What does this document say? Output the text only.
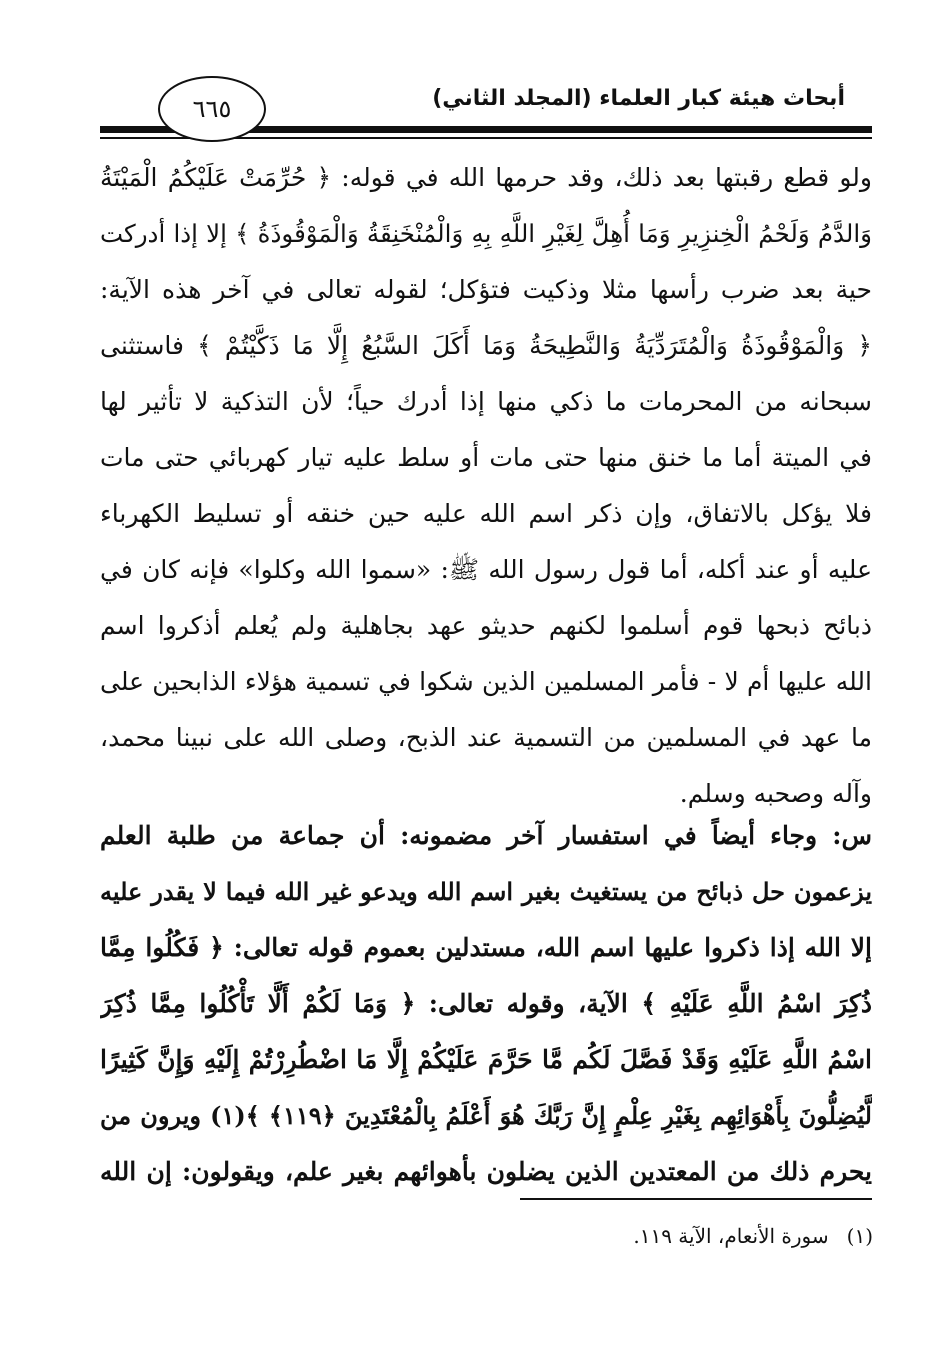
أبحاث هيئة كبار العلماء (المجلد الثاني)
٦٦٥
ولو قطع رقبتها بعد ذلك، وقد حرمها الله في قوله: ﴿ حُرِّمَتْ عَلَيْكُمُ الْمَيْتَةُ
وَالدَّمُ وَلَحْمُ الْخِنزِيرِ وَمَا أُهِلَّ لِغَيْرِ اللَّهِ بِهِ وَالْمُنْخَنِقَةُ وَالْمَوْقُوذَةُ ﴾ إلا إذا أدركت
حية بعد ضرب رأسها مثلا وذكيت فتؤكل؛ لقوله تعالى في آخر هذه الآية:
﴿ وَالْمَوْقُوذَةُ وَالْمُتَرَدِّيَةُ وَالنَّطِيحَةُ وَمَا أَكَلَ السَّبُعُ إِلَّا مَا ذَكَّيْتُمْ ﴾ فاستثنى
سبحانه من المحرمات ما ذكي منها إذا أدرك حياً؛ لأن التذكية لا تأثير لها
في الميتة أما ما خنق منها حتى مات أو سلط عليه تيار كهربائي حتى مات
فلا يؤكل بالاتفاق، وإن ذكر اسم الله عليه حين خنقه أو تسليط الكهرباء
عليه أو عند أكله، أما قول رسول الله ﷺ: «سموا الله وكلوا» فإنه كان في
ذبائح ذبحها قوم أسلموا لكنهم حديثو عهد بجاهلية ولم يُعلم أذكروا اسم
الله عليها أم لا - فأمر المسلمين الذين شكوا في تسمية هؤلاء الذابحين على
ما عهد في المسلمين من التسمية عند الذبح، وصلى الله على نبينا محمد،
وآله وصحبه وسلم.
س: وجاء أيضاً في استفسار آخر مضمونه: أن جماعة من طلبة العلم
يزعمون حل ذبائح من يستغيث بغير اسم الله ويدعو غير الله فيما لا يقدر عليه
إلا الله إذا ذكروا عليها اسم الله، مستدلين بعموم قوله تعالى: ﴿ فَكُلُوا مِمَّا
ذُكِرَ اسْمُ اللَّهِ عَلَيْهِ ﴾ الآية، وقوله تعالى: ﴿ وَمَا لَكُمْ أَلَّا تَأْكُلُوا مِمَّا ذُكِرَ
اسْمُ اللَّهِ عَلَيْهِ وَقَدْ فَصَّلَ لَكُم مَّا حَرَّمَ عَلَيْكُمْ إِلَّا مَا اضْطُرِرْتُمْ إِلَيْهِ وَإِنَّ كَثِيرًا
لَّيُضِلُّونَ بِأَهْوَائِهِم بِغَيْرِ عِلْمٍ إِنَّ رَبَّكَ هُوَ أَعْلَمُ بِالْمُعْتَدِينَ ﴿١١٩﴾ ﴾(١) ويرون من
يحرم ذلك من المعتدين الذين يضلون بأهوائهم بغير علم، ويقولون: إن الله
(١)سورة الأنعام، الآية ١١٩.
